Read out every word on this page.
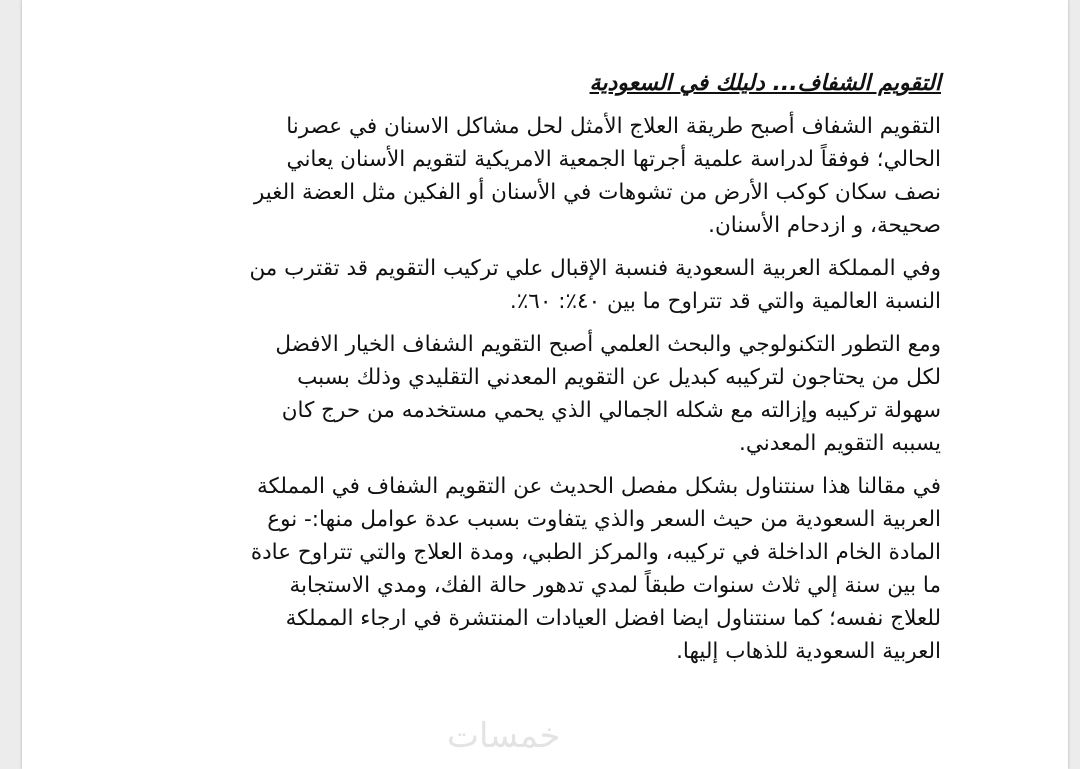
التقويم الشفاف... دليلك في السعودية

التقويم الشفاف أصبح طريقة العلاج الأمثل لحل مشاكل الاسنان في عصرنا الحالي؛ فوفقاً لدراسة علمية أجرتها الجمعية الامريكية لتقويم الأسنان يعاني نصف سكان كوكب الأرض من تشوهات في الأسنان أو الفكين مثل العضة الغير صحيحة، و ازدحام الأسنان.

وفي المملكة العربية السعودية فنسبة الإقبال علي تركيب التقويم قد تقترب من النسبة العالمية والتي قد تتراوح ما بين ٤٠٪: ٦٠٪.

ومع التطور التكنولوجي والبحث العلمي أصبح التقويم الشفاف الخيار الافضل لكل من يحتاجون لتركيبه كبديل عن التقويم المعدني التقليدي وذلك بسبب سهولة تركيبه وإزالته مع شكله الجمالي الذي يحمي مستخدمه من حرج كان يسببه التقويم المعدني.

في مقالنا هذا سنتناول بشكل مفصل الحديث عن التقويم الشفاف في المملكة العربية السعودية من حيث السعر والذي يتفاوت بسبب عدة عوامل منها:- نوع المادة الخام الداخلة في تركيبه، والمركز الطبي، ومدة العلاج والتي تتراوح عادة ما بين سنة إلي ثلاث سنوات طبقاً لمدي تدهور حالة الفك، ومدي الاستجابة للعلاج نفسه؛ كما سنتناول ايضا افضل العيادات المنتشرة في ارجاء المملكة العربية السعودية للذهاب إليها.

خمسات
